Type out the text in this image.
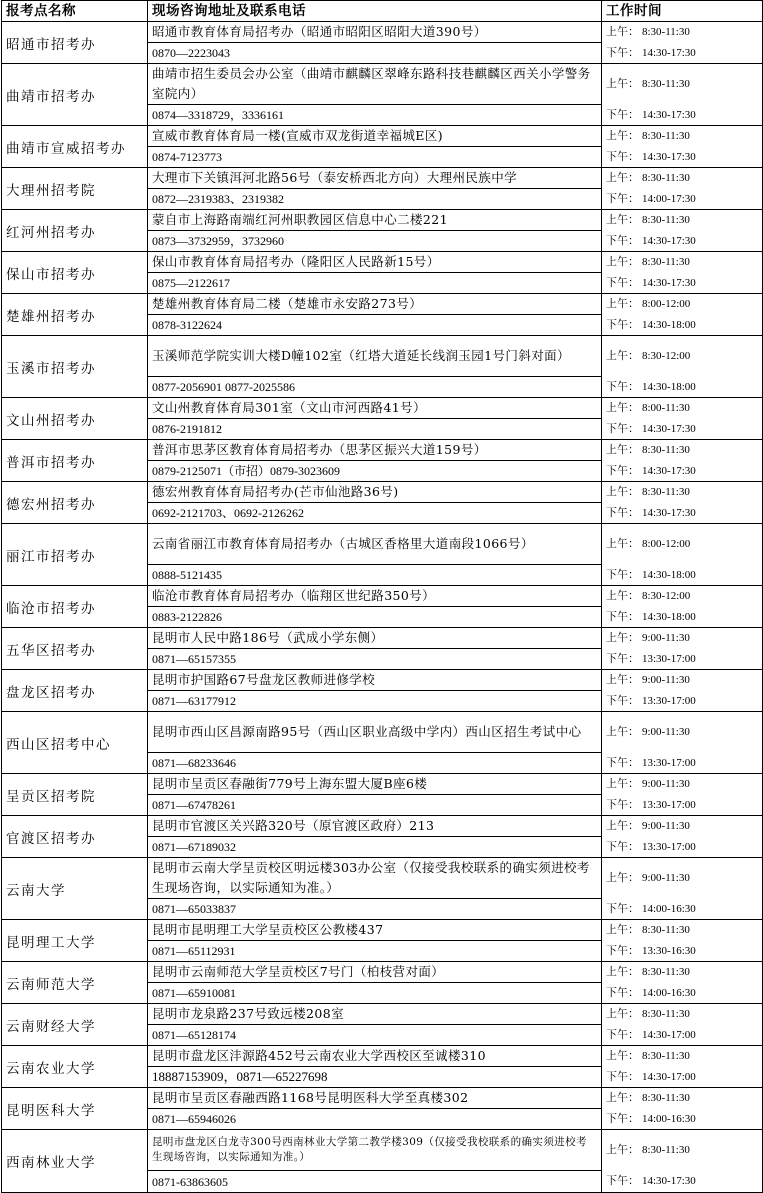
报考点名称	现场咨询地址及联系电话	工作时间
昭通市招考办	昭通市教育体育局招考办（昭通市昭阳区昭阳大道390号）	上午： 8:30-11:30
	0870—2223043	下午： 14:30-17:30
曲靖市招考办	曲靖市招生委员会办公室（曲靖市麒麟区翠峰东路科技巷麒麟区西关小学警务室院内）	上午： 8:30-11:30
	0874—3318729，3336161	下午： 14:30-17:30
曲靖市宣威招考办	宣威市教育体育局一楼(宣威市双龙街道幸福城E区)	上午： 8:30-11:30
	0874-7123773	下午： 14:30-17:30
大理州招考院	大理市下关镇洱河北路56号（泰安桥西北方向）大理州民族中学	上午： 8:30-11:30
	0872—2319383、2319382	下午： 14:00-17:30
红河州招考办	蒙自市上海路南端红河州职教园区信息中心二楼221	上午： 8:30-11:30
	0873—3732959，3732960	下午： 14:30-17:30
保山市招考办	保山市教育体育局招考办（隆阳区人民路新15号）	上午： 8:30-11:30
	0875—2122617	下午： 14:30-17:30
楚雄州招考办	楚雄州教育体育局二楼（楚雄市永安路273号）	上午： 8:00-12:00
	0878-3122624	下午： 14:30-18:00
玉溪市招考办	玉溪师范学院实训大楼D幢102室（红塔大道延长线润玉园1号门斜对面）	上午： 8:30-12:00
	0877-2056901 0877-2025586	下午： 14:30-18:00
文山州招考办	文山州教育体育局301室（文山市河西路41号）	上午： 8:00-11:30
	0876-2191812	下午： 14:30-17:30
普洱市招考办	普洱市思茅区教育体育局招考办（思茅区振兴大道159号）	上午： 8:30-11:30
	0879-2125071（市招）0879-3023609	下午： 14:30-17:30
德宏州招考办	德宏州教育体育局招考办(芒市仙池路36号)	上午： 8:30-11:30
	0692-2121703、0692-2126262	下午： 14:30-17:30
丽江市招考办	云南省丽江市教育体育局招考办（古城区香格里大道南段1066号）	上午： 8:00-12:00
	0888-5121435	下午： 14:30-18:00
临沧市招考办	临沧市教育体育局招考办（临翔区世纪路350号）	上午： 8:30-12:00
	0883-2122826	下午： 14:30-18:00
五华区招考办	昆明市人民中路186号（武成小学东侧）	上午： 9:00-11:30
	0871—65157355	下午： 13:30-17:00
盘龙区招考办	昆明市护国路67号盘龙区教师进修学校	上午： 9:00-11:30
	0871—63177912	下午： 13:30-17:00
西山区招考中心	昆明市西山区昌源南路95号（西山区职业高级中学内）西山区招生考试中心	上午： 9:00-11:30
	0871—68233646	下午： 13:30-17:00
呈贡区招考院	昆明市呈贡区春融街779号上海东盟大厦B座6楼	上午： 9:00-11:30
	0871—67478261	下午： 13:30-17:00
官渡区招考办	昆明市官渡区关兴路320号（原官渡区政府）213	上午： 9:00-11:30
	0871—67189032	下午： 13:30-17:00
云南大学	昆明市云南大学呈贡校区明远楼303办公室（仅接受我校联系的确实须进校考生现场咨询，以实际通知为准。）	上午： 9:00-11:30
	0871—65033837	下午： 14:00-16:30
昆明理工大学	昆明市昆明理工大学呈贡校区公教楼437	上午： 8:30-11:30
	0871—65112931	下午： 13:30-16:30
云南师范大学	昆明市云南师范大学呈贡校区7号门（柏枝营对面）	上午： 8:30-11:30
	0871—65910081	下午： 14:00-16:30
云南财经大学	昆明市龙泉路237号致远楼208室	上午： 8:30-11:30
	0871—65128174	下午： 14:30-17:00
云南农业大学	昆明市盘龙区沣源路452号云南农业大学西校区至诚楼310	上午： 8:30-11:30
	18887153909，0871—65227698	下午： 14:30-17:00
昆明医科大学	昆明市呈贡区春融西路1168号昆明医科大学至真楼302	上午： 8:30-11:30
	0871—65946026	下午： 14:00-16:30
西南林业大学	昆明市盘龙区白龙寺300号西南林业大学第二教学楼309（仅接受我校联系的确实须进校考生现场咨询，以实际通知为准。）	上午： 8:30-11:30
	0871-63863605	下午： 14:30-17:30
